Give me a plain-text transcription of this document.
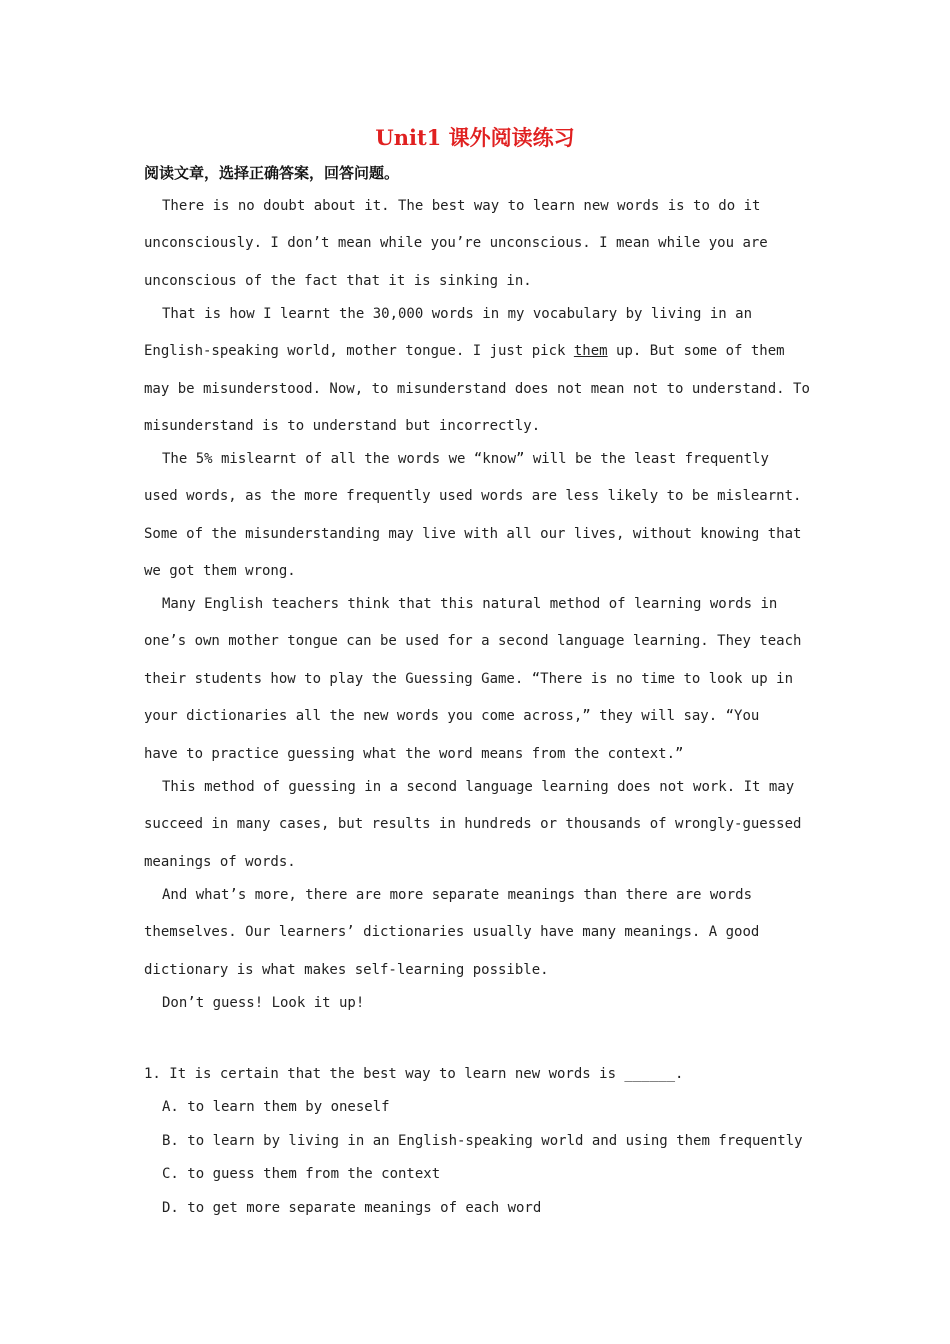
Unit1 课外阅读练习
阅读文章，选择正确答案，回答问题。
There is no doubt about it. The best way to learn new words is to do it
unconsciously. I don’t mean while you’re unconscious. I mean while you are
unconscious of the fact that it is sinking in.
That is how I learnt the 30,000 words in my vocabulary by living in an
English-speaking world, mother tongue. I just pick them up. But some of them
may be misunderstood. Now, to misunderstand does not mean not to understand. To
misunderstand is to understand but incorrectly.
The 5% mislearnt of all the words we “know” will be the least frequently
used words, as the more frequently used words are less likely to be mislearnt.
Some of the misunderstanding may live with all our lives, without knowing that
we got them wrong.
Many English teachers think that this natural method of learning words in
one’s own mother tongue can be used for a second language learning. They teach
their students how to play the Guessing Game. “There is no time to look up in
your dictionaries all the new words you come across,” they will say. “You
have to practice guessing what the word means from the context.”
This method of guessing in a second language learning does not work. It may
succeed in many cases, but results in hundreds or thousands of wrongly-guessed
meanings of words.
And what’s more, there are more separate meanings than there are words
themselves. Our learners’ dictionaries usually have many meanings. A good
dictionary is what makes self-learning possible.
Don’t guess! Look it up!
1. It is certain that the best way to learn new words is ______.
A. to learn them by oneself
B. to learn by living in an English-speaking world and using them frequently
C. to guess them from the context
D. to get more separate meanings of each word
